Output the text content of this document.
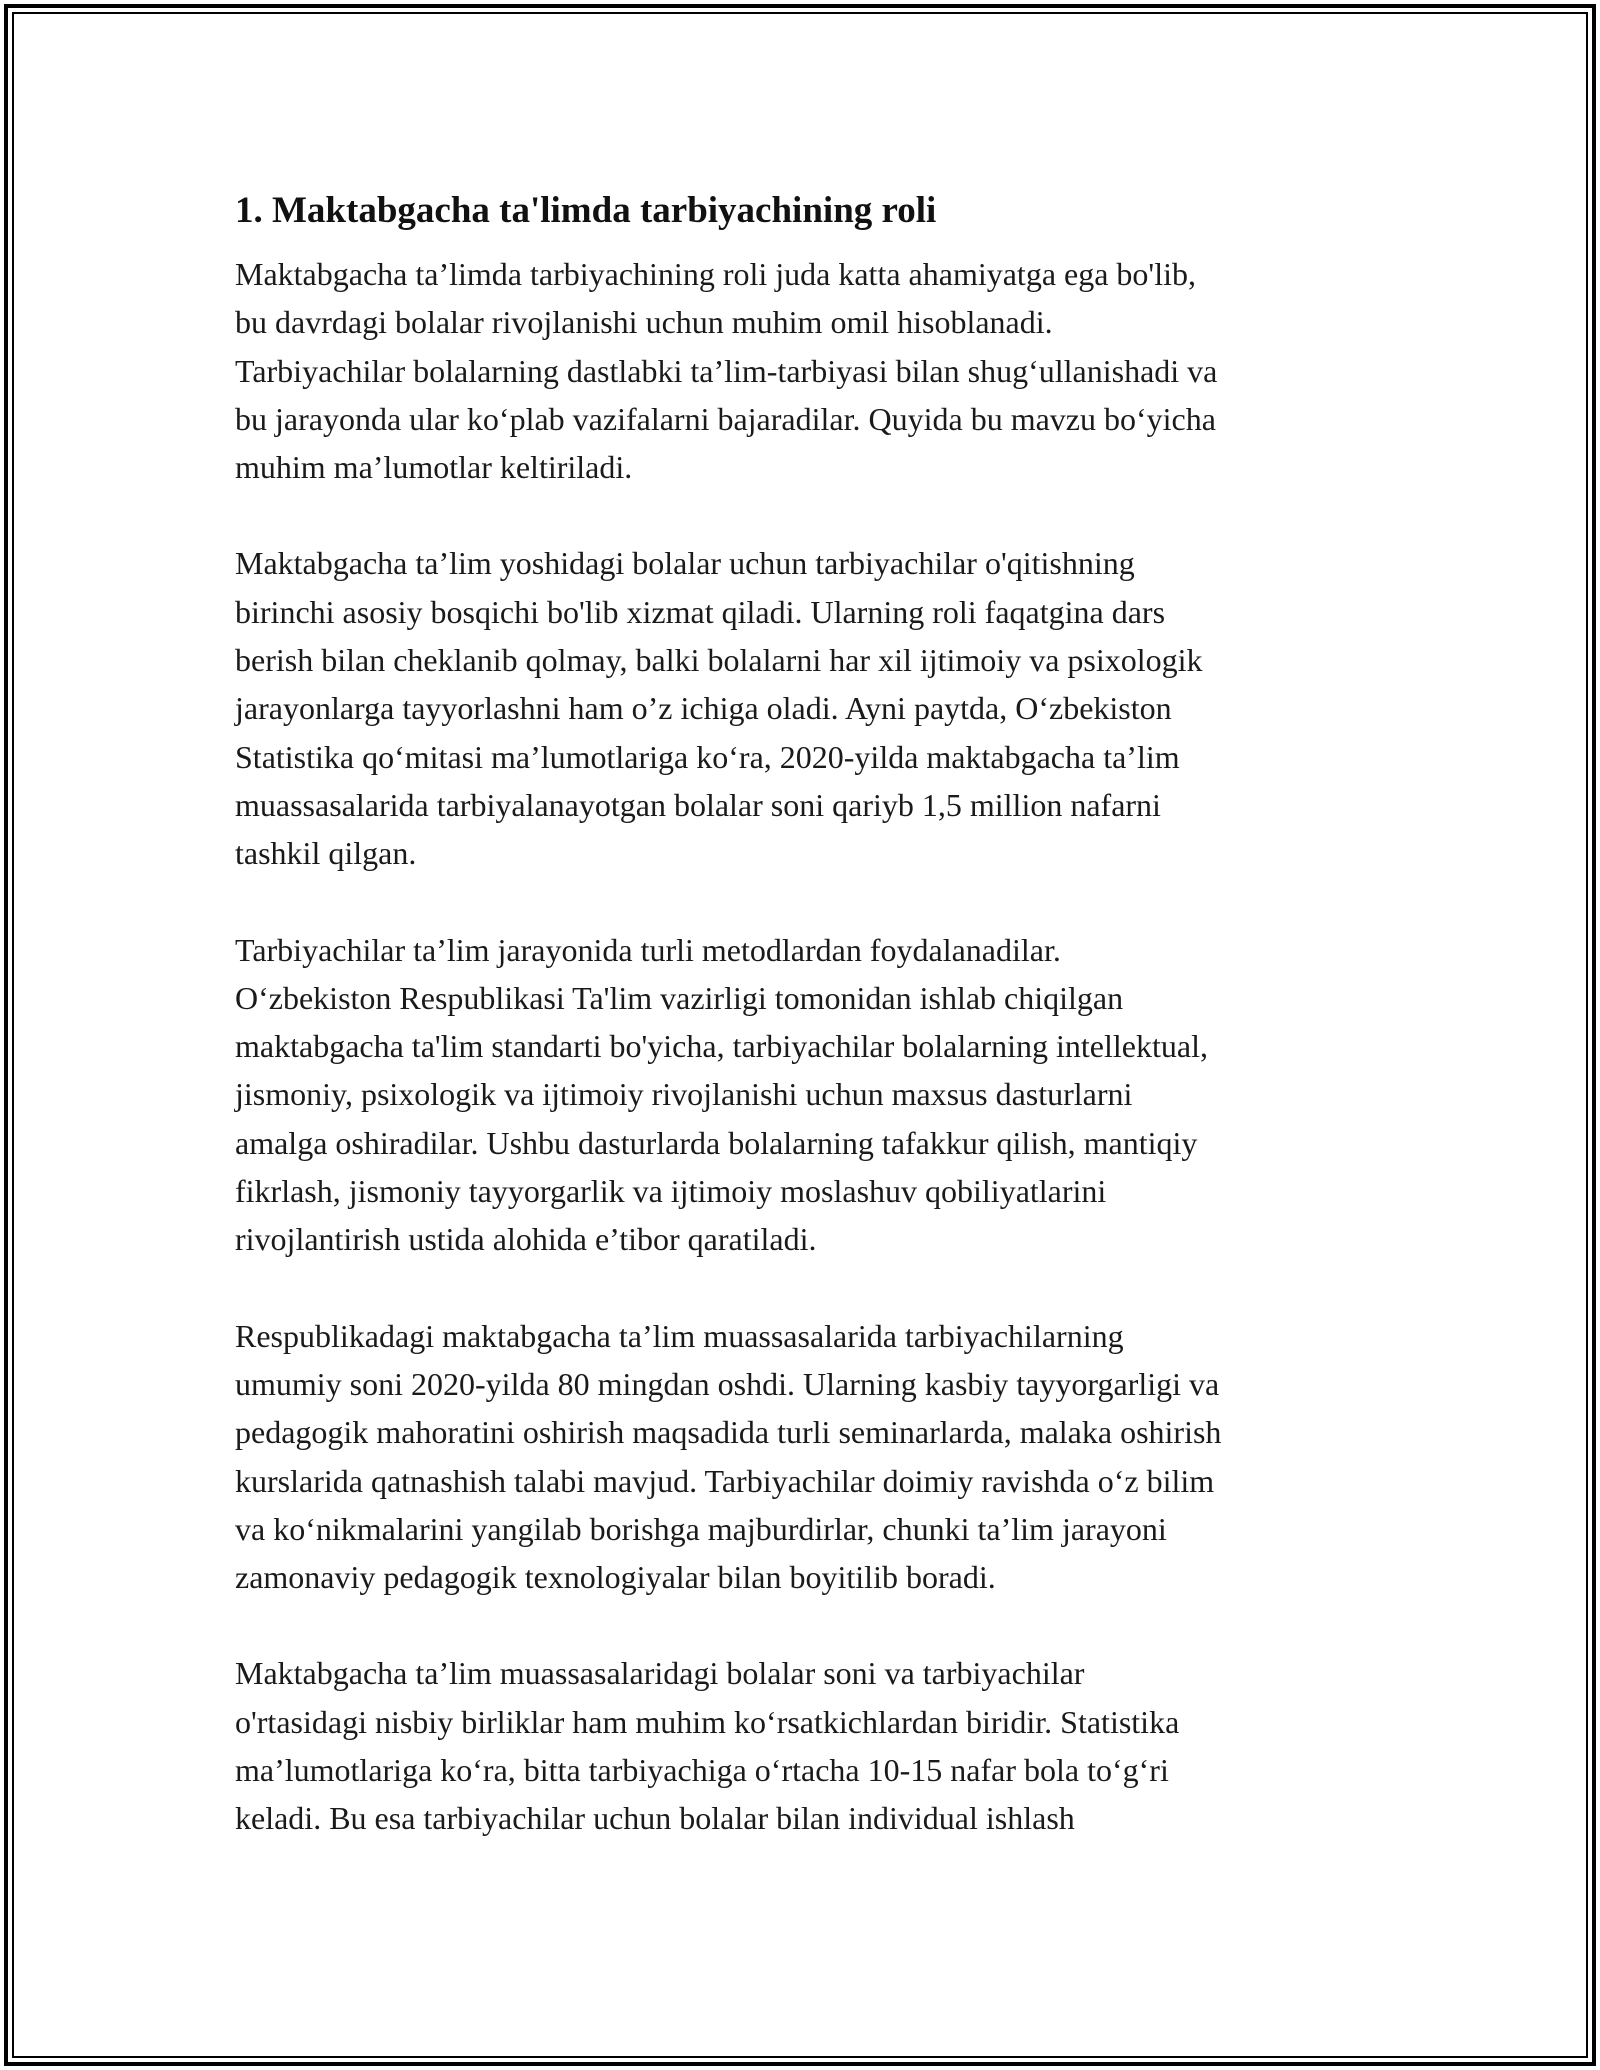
1. Maktabgacha ta'limda tarbiyachining roli

Maktabgacha ta’limda tarbiyachining roli juda katta ahamiyatga ega bo'lib,
bu davrdagi bolalar rivojlanishi uchun muhim omil hisoblanadi.
Tarbiyachilar bolalarning dastlabki ta’lim-tarbiyasi bilan shug‘ullanishadi va
bu jarayonda ular ko‘plab vazifalarni bajaradilar. Quyida bu mavzu bo‘yicha
muhim ma’lumotlar keltiriladi.

Maktabgacha ta’lim yoshidagi bolalar uchun tarbiyachilar o'qitishning
birinchi asosiy bosqichi bo'lib xizmat qiladi. Ularning roli faqatgina dars
berish bilan cheklanib qolmay, balki bolalarni har xil ijtimoiy va psixologik
jarayonlarga tayyorlashni ham o’z ichiga oladi. Ayni paytda, O‘zbekiston
Statistika qo‘mitasi ma’lumotlariga ko‘ra, 2020-yilda maktabgacha ta’lim
muassasalarida tarbiyalanayotgan bolalar soni qariyb 1,5 million nafarni
tashkil qilgan.

Tarbiyachilar ta’lim jarayonida turli metodlardan foydalanadilar.
O‘zbekiston Respublikasi Ta'lim vazirligi tomonidan ishlab chiqilgan
maktabgacha ta'lim standarti bo'yicha, tarbiyachilar bolalarning intellektual,
jismoniy, psixologik va ijtimoiy rivojlanishi uchun maxsus dasturlarni
amalga oshiradilar. Ushbu dasturlarda bolalarning tafakkur qilish, mantiqiy
fikrlash, jismoniy tayyorgarlik va ijtimoiy moslashuv qobiliyatlarini
rivojlantirish ustida alohida e’tibor qaratiladi.

Respublikadagi maktabgacha ta’lim muassasalarida tarbiyachilarning
umumiy soni 2020-yilda 80 mingdan oshdi. Ularning kasbiy tayyorgarligi va
pedagogik mahoratini oshirish maqsadida turli seminarlarda, malaka oshirish
kurslarida qatnashish talabi mavjud. Tarbiyachilar doimiy ravishda o‘z bilim
va ko‘nikmalarini yangilab borishga majburdirlar, chunki ta’lim jarayoni
zamonaviy pedagogik texnologiyalar bilan boyitilib boradi.

Maktabgacha ta’lim muassasalaridagi bolalar soni va tarbiyachilar
o'rtasidagi nisbiy birliklar ham muhim ko‘rsatkichlardan biridir. Statistika
ma’lumotlariga ko‘ra, bitta tarbiyachiga o‘rtacha 10-15 nafar bola to‘g‘ri
keladi. Bu esa tarbiyachilar uchun bolalar bilan individual ishlash
